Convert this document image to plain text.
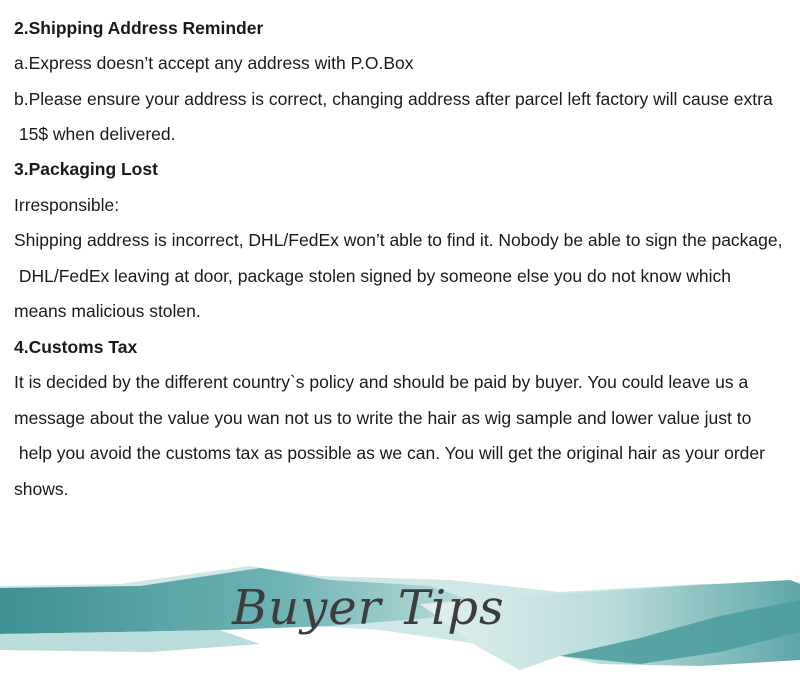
2.Shipping Address Reminder
a.Express doesn’t accept any address with P.O.Box
b.Please ensure your address is correct, changing address after parcel left factory will cause extra
15$ when delivered.
3.Packaging Lost
Irresponsible:
Shipping address is incorrect, DHL/FedEx won’t able to find it. Nobody be able to sign the package,
DHL/FedEx leaving at door, package stolen signed by someone else you do not know which
means malicious stolen.
4.Customs Tax
It is decided by the different country`s policy and should be paid by buyer. You could leave us a
message about the value you wan not us to write the hair as wig sample and lower value just to
help you avoid the customs tax as possible as we can. You will get the original hair as your order
shows.
Buyer Tips
